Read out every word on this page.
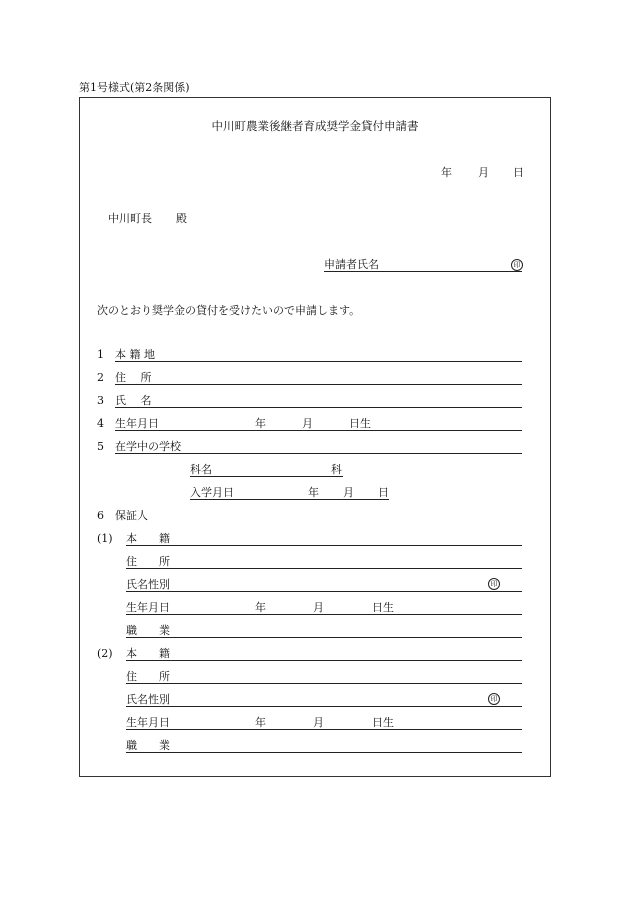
第1号様式(第2条関係)
中川町農業後継者育成奨学金貸付申請書
年 月 日
中川町長 殿
申請者氏名	印
次のとおり奨学金の貸付を受けたいので申請します。
1 本 籍 地
2 住　 所
3 氏　 名
4 生年月日	年	月	日生
5 在学中の学校
科名	科
入学月日	年 月 日
6 保証人
(1) 本　　籍
住　　所
氏名性別	印
生年月日	年	月	日生
職　　業
(2) 本　　籍
住　　所
氏名性別	印
生年月日	年	月	日生
職　　業
